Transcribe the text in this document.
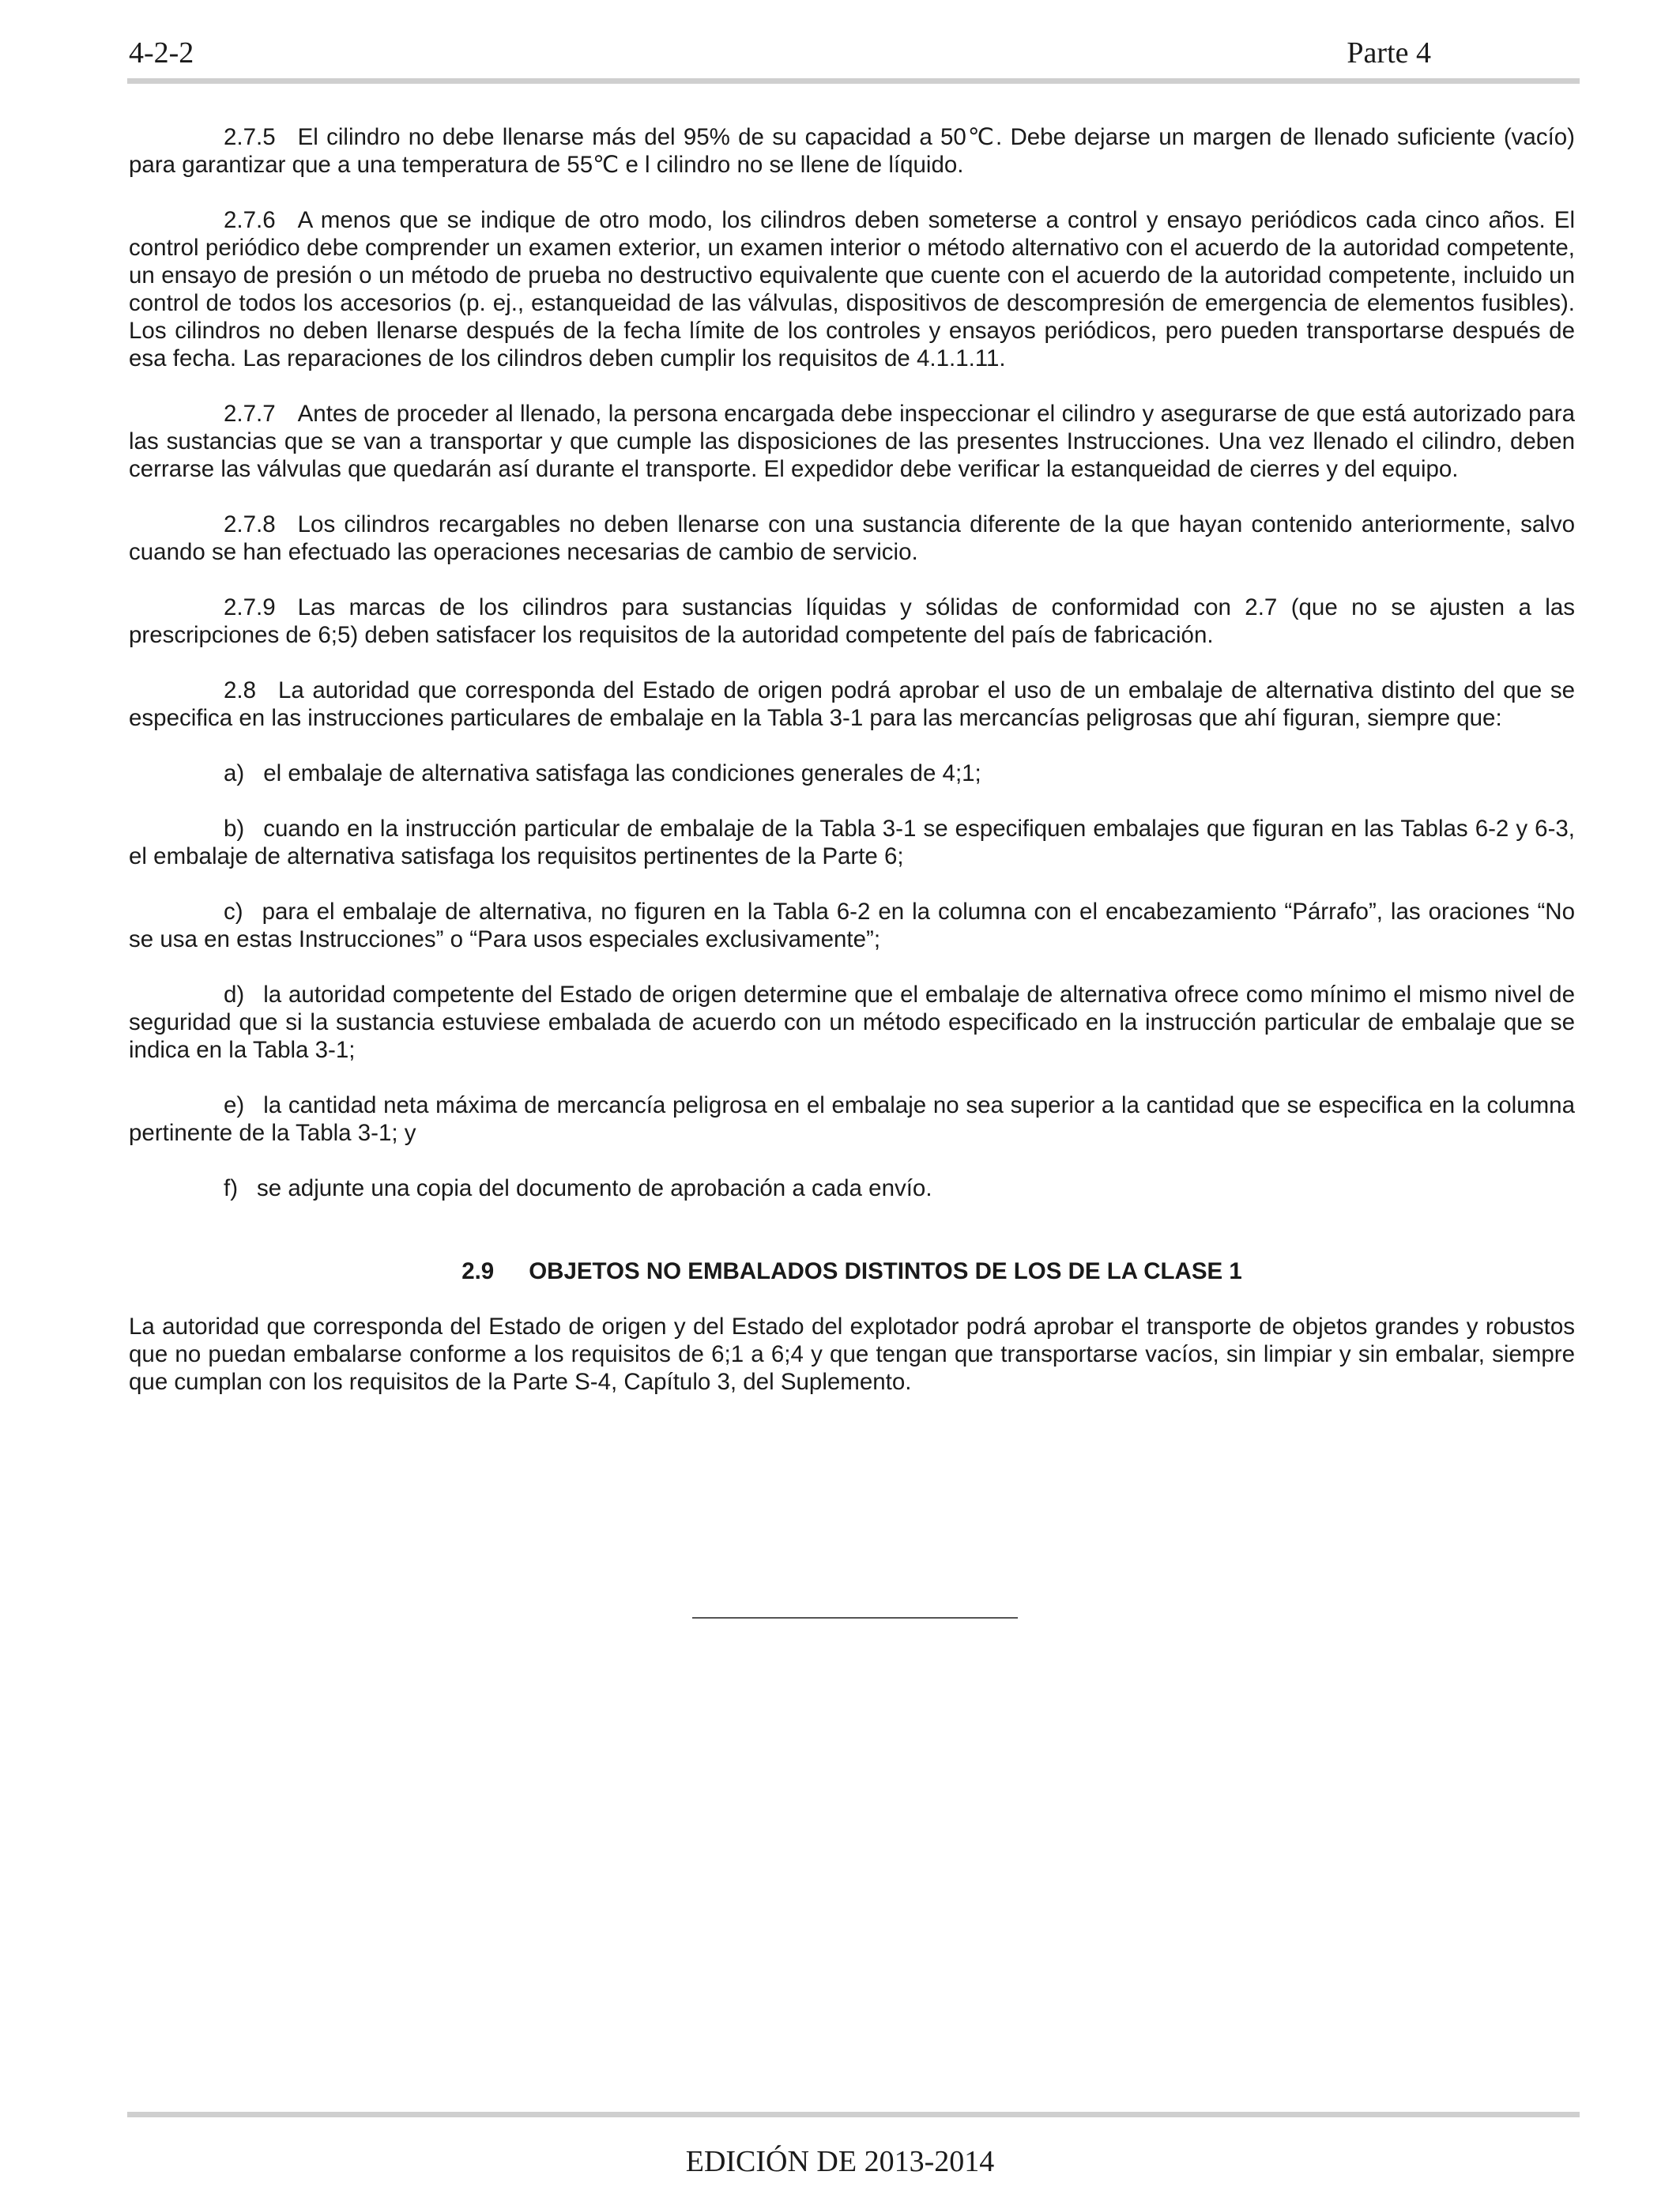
4-2-2	Parte 4

2.7.5 El cilindro no debe llenarse más del 95% de su capacidad a 50℃. Debe dejarse un margen de llenado suficiente (vacío) para garantizar que a una temperatura de 55℃ e l cilindro no se llene de líquido.

2.7.6 A menos que se indique de otro modo, los cilindros deben someterse a control y ensayo periódicos cada cinco años. El control periódico debe comprender un examen exterior, un examen interior o método alternativo con el acuerdo de la autoridad competente, un ensayo de presión o un método de prueba no destructivo equivalente que cuente con el acuerdo de la autoridad competente, incluido un control de todos los accesorios (p. ej., estanqueidad de las válvulas, dispositivos de descompresión de emergencia de elementos fusibles). Los cilindros no deben llenarse después de la fecha límite de los controles y ensayos periódicos, pero pueden transportarse después de esa fecha. Las reparaciones de los cilindros deben cumplir los requisitos de 4.1.1.11.

2.7.7 Antes de proceder al llenado, la persona encargada debe inspeccionar el cilindro y asegurarse de que está autorizado para las sustancias que se van a transportar y que cumple las disposiciones de las presentes Instrucciones. Una vez llenado el cilindro, deben cerrarse las válvulas que quedarán así durante el transporte. El expedidor debe verificar la estanqueidad de cierres y del equipo.

2.7.8 Los cilindros recargables no deben llenarse con una sustancia diferente de la que hayan contenido anteriormente, salvo cuando se han efectuado las operaciones necesarias de cambio de servicio.

2.7.9 Las marcas de los cilindros para sustancias líquidas y sólidas de conformidad con 2.7 (que no se ajusten a las prescripciones de 6;5) deben satisfacer los requisitos de la autoridad competente del país de fabricación.

2.8 La autoridad que corresponda del Estado de origen podrá aprobar el uso de un embalaje de alternativa distinto del que se especifica en las instrucciones particulares de embalaje en la Tabla 3-1 para las mercancías peligrosas que ahí figuran, siempre que:

a) el embalaje de alternativa satisfaga las condiciones generales de 4;1;

b) cuando en la instrucción particular de embalaje de la Tabla 3-1 se especifiquen embalajes que figuran en las Tablas 6-2 y 6-3, el embalaje de alternativa satisfaga los requisitos pertinentes de la Parte 6;

c) para el embalaje de alternativa, no figuren en la Tabla 6-2 en la columna con el encabezamiento “Párrafo”, las oraciones “No se usa en estas Instrucciones” o “Para usos especiales exclusivamente”;

d) la autoridad competente del Estado de origen determine que el embalaje de alternativa ofrece como mínimo el mismo nivel de seguridad que si la sustancia estuviese embalada de acuerdo con un método especificado en la instrucción particular de embalaje que se indica en la Tabla 3-1;

e) la cantidad neta máxima de mercancía peligrosa en el embalaje no sea superior a la cantidad que se especifica en la columna pertinente de la Tabla 3-1; y

f) se adjunte una copia del documento de aprobación a cada envío.

2.9 OBJETOS NO EMBALADOS DISTINTOS DE LOS DE LA CLASE 1

La autoridad que corresponda del Estado de origen y del Estado del explotador podrá aprobar el transporte de objetos grandes y robustos que no puedan embalarse conforme a los requisitos de 6;1 a 6;4 y que tengan que transportarse vacíos, sin limpiar y sin embalar, siempre que cumplan con los requisitos de la Parte S-4, Capítulo 3, del Suplemento.

EDICIÓN DE 2013-2014
